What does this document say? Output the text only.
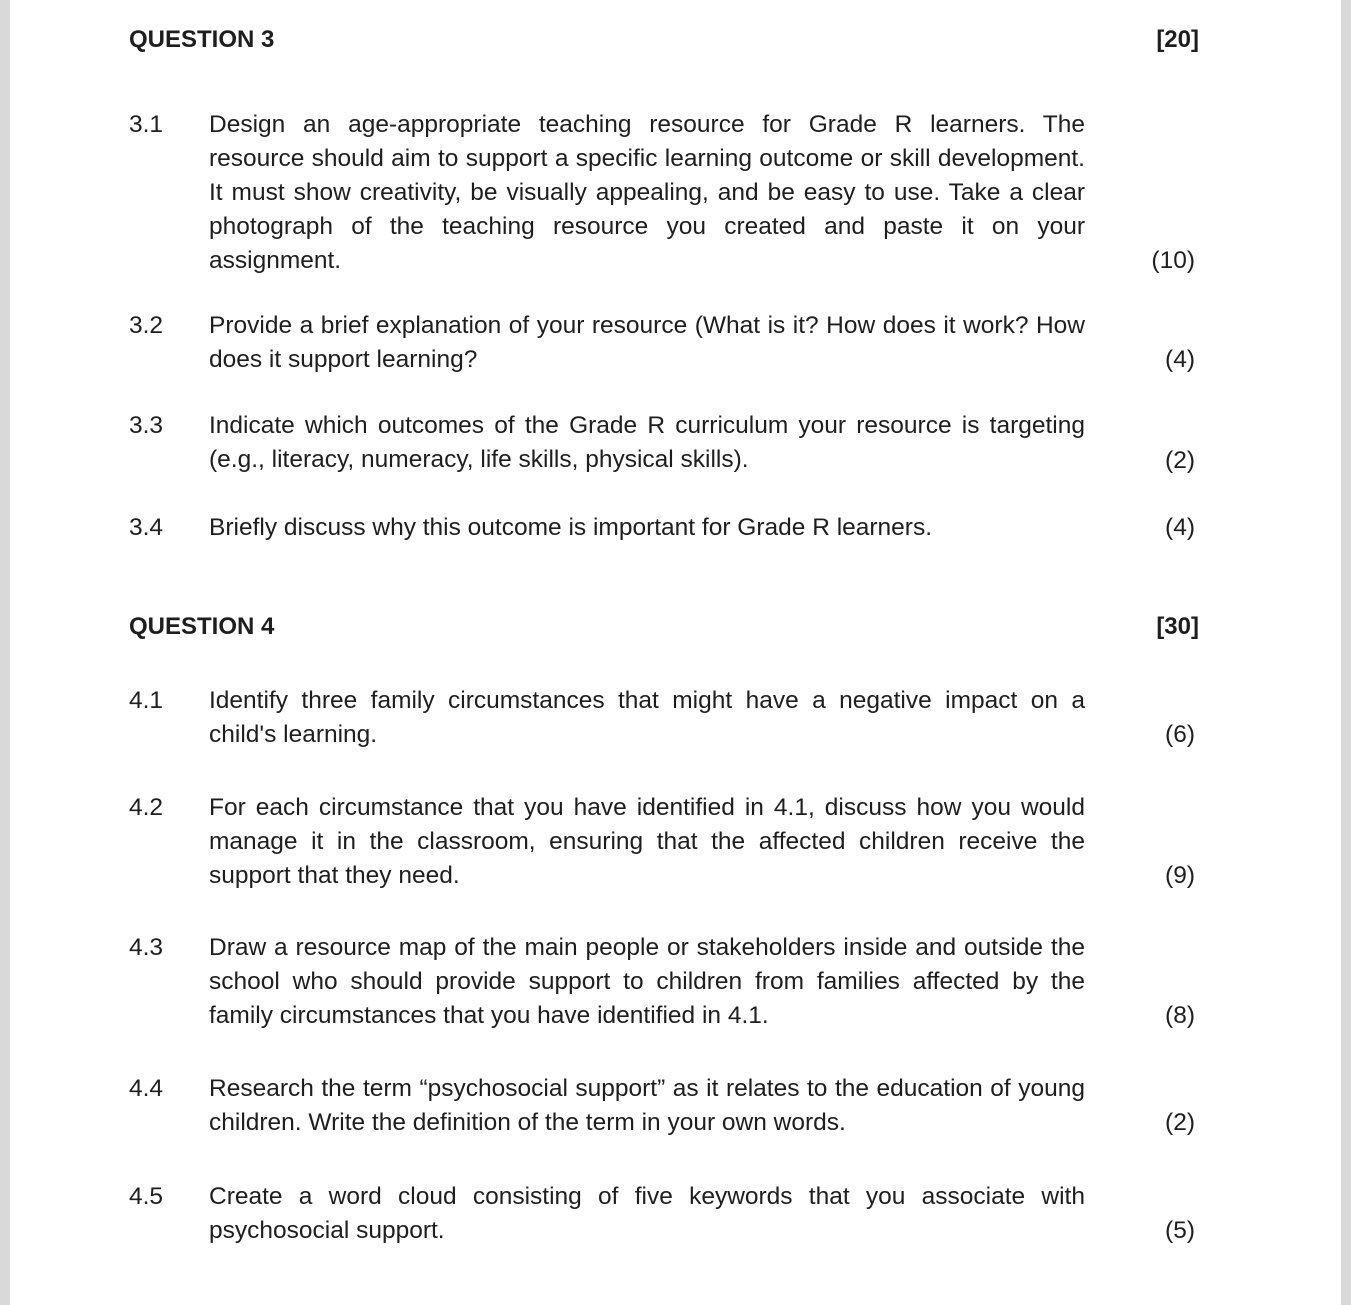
QUESTION 3	[20]
3.1 Design an age-appropriate teaching resource for Grade R learners. The resource should aim to support a specific learning outcome or skill development. It must show creativity, be visually appealing, and be easy to use. Take a clear photograph of the teaching resource you created and paste it on your assignment.	(10)
3.2 Provide a brief explanation of your resource (What is it? How does it work? How does it support learning?	(4)
3.3 Indicate which outcomes of the Grade R curriculum your resource is targeting (e.g., literacy, numeracy, life skills, physical skills).	(2)
3.4 Briefly discuss why this outcome is important for Grade R learners.	(4)
QUESTION 4	[30]
4.1 Identify three family circumstances that might have a negative impact on a child's learning.	(6)
4.2 For each circumstance that you have identified in 4.1, discuss how you would manage it in the classroom, ensuring that the affected children receive the support that they need.	(9)
4.3 Draw a resource map of the main people or stakeholders inside and outside the school who should provide support to children from families affected by the family circumstances that you have identified in 4.1.	(8)
4.4 Research the term “psychosocial support” as it relates to the education of young children. Write the definition of the term in your own words.	(2)
4.5 Create a word cloud consisting of five keywords that you associate with psychosocial support.	(5)
